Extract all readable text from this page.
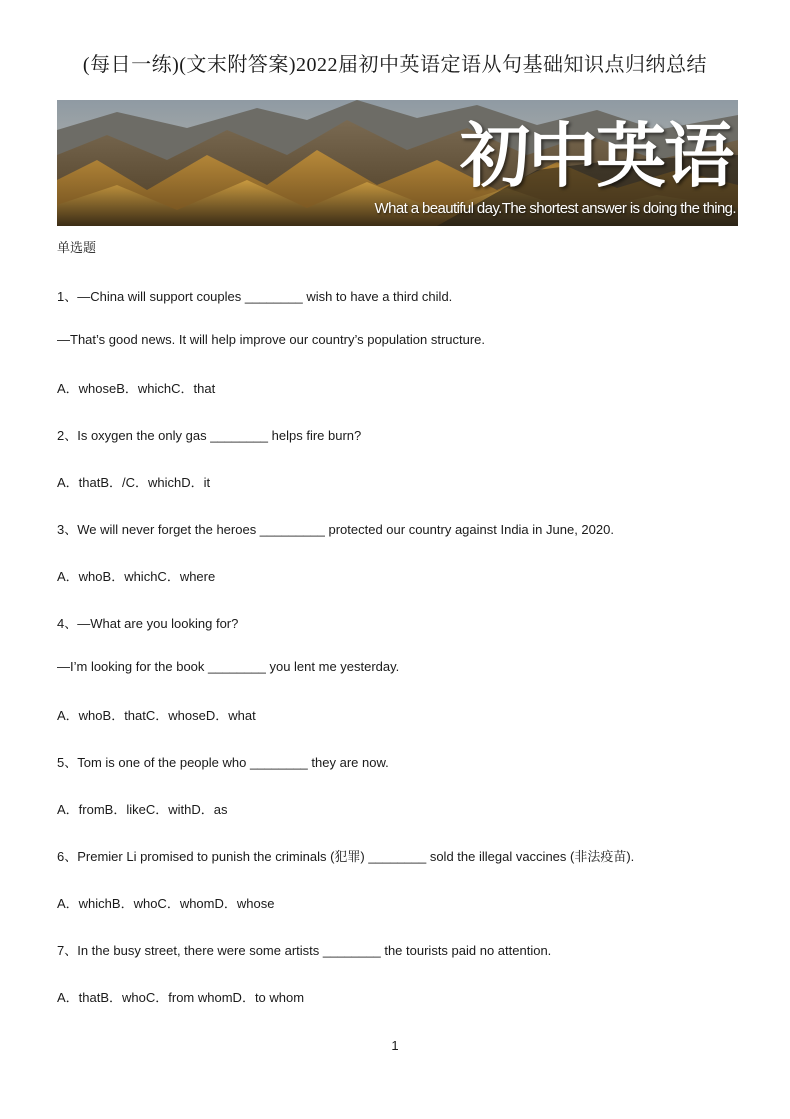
(每日一练)(文末附答案)2022届初中英语定语从句基础知识点归纳总结
初中英语
What a beautiful day.The shortest answer is doing the thing.
单选题
1、—China will support couples ________ wish to have a third child.
—That’s good news. It will help improve our country’s population structure.
A．whoseB．whichC．that
2、Is oxygen the only gas ________ helps fire burn?
A．thatB．/C．whichD．it
3、We will never forget the heroes _________ protected our country against India in June, 2020.
A．whoB．whichC．where
4、—What are you looking for?
—I’m looking for the book ________ you lent me yesterday.
A．whoB．thatC．whoseD．what
5、Tom is one of the people who ________ they are now.
A．fromB．likeC．withD．as
6、Premier Li promised to punish the criminals (犯罪) ________ sold the illegal vaccines (非法疫苗).
A．whichB．whoC．whomD．whose
7、In the busy street, there were some artists ________ the tourists paid no attention.
A．thatB．whoC．from whomD．to whom
1
